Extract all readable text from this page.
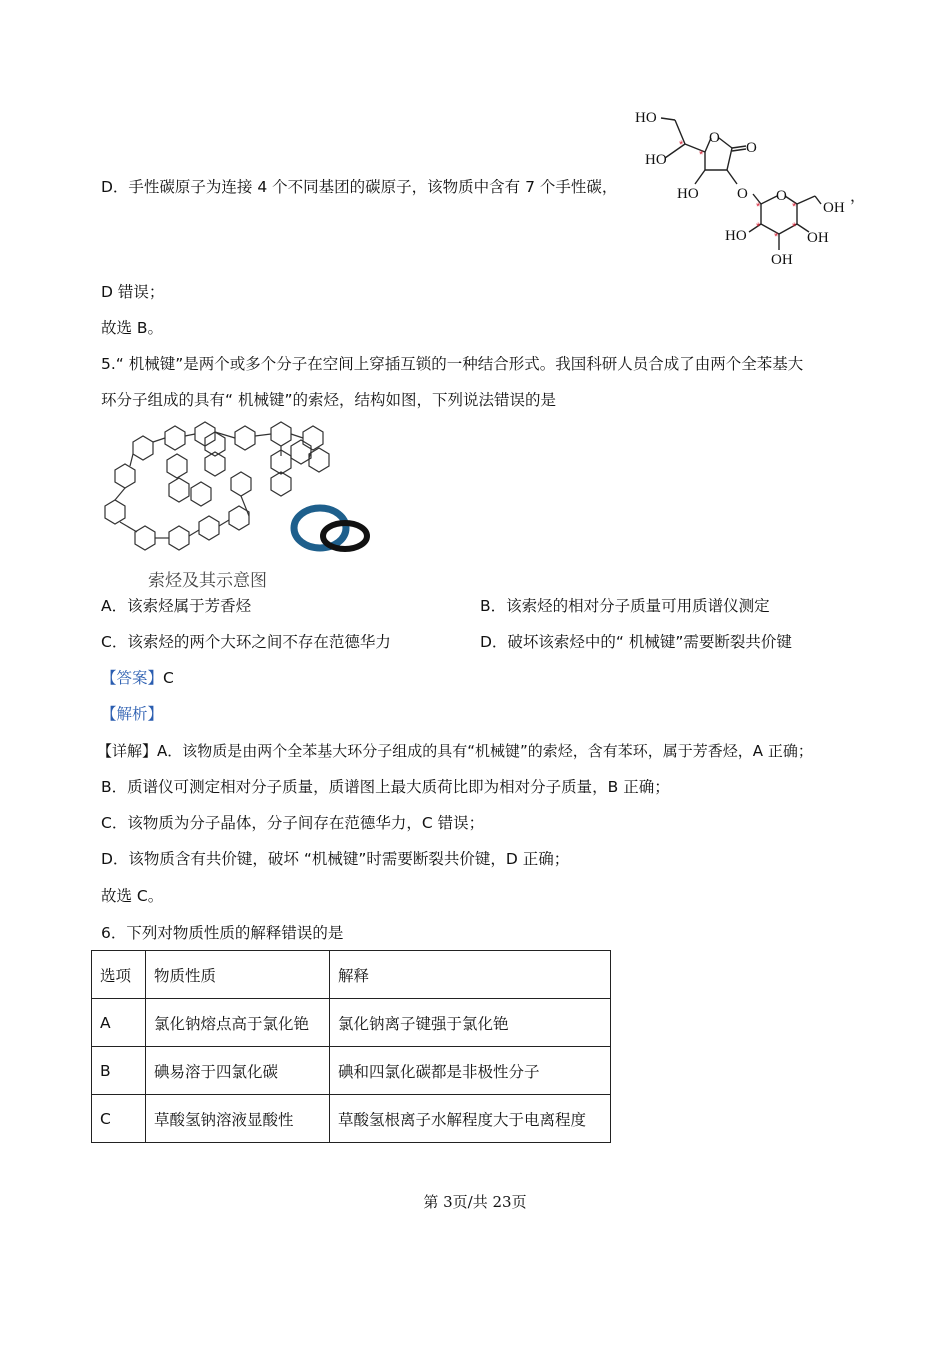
D．手性碳原子为连接 4 个不同基团的碳原子，该物质中含有 7 个手性碳，
HO
HO
O
O
HO	O O
OH
HO	OH
OH
*
*
*	*
*	*
*
，
D 错误；
故选 B。
5.“ 机械键”是两个或多个分子在空间上穿插互锁的一种结合形式。我国科研人员合成了由两个全苯基大
环分子组成的具有“ 机械键”的索烃，结构如图，下列说法错误的是
索烃及其示意图
A．该索烃属于芳香烃	B．该索烃的相对分子质量可用质谱仪测定
C．该索烃的两个大环之间不存在范德华力	D．破坏该索烃中的“ 机械键”需要断裂共价键
【答案】C
【解析】
【详解】A．该物质是由两个全苯基大环分子组成的具有“机械键”的索烃，含有苯环，属于芳香烃，A 正确；
B．质谱仪可测定相对分子质量，质谱图上最大质荷比即为相对分子质量，B 正确；
C．该物质为分子晶体，分子间存在范德华力，C 错误；
D．该物质含有共价键，破坏 “机械键”时需要断裂共价键，D 正确；
故选 C。
6．下列对物质性质的解释错误的是
选项	物质性质	解释
A	氯化钠熔点高于氯化铯	氯化钠离子键强于氯化铯
B	碘易溶于四氯化碳	碘和四氯化碳都是非极性分子
C	草酸氢钠溶液显酸性	草酸氢根离子水解程度大于电离程度
第 3页/共 23页
